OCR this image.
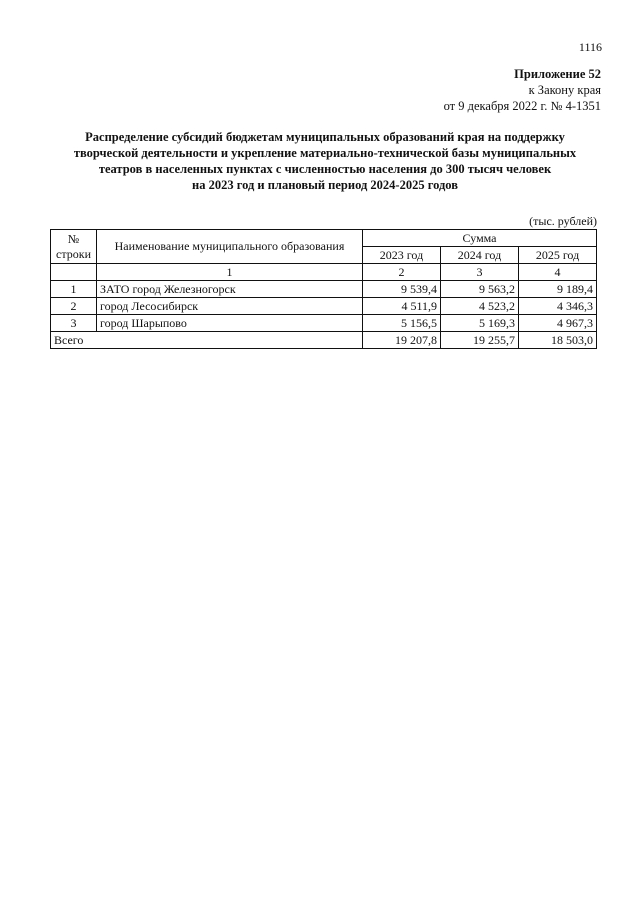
1116
Приложение 52
к Закону края
от 9 декабря 2022 г. № 4-1351
Распределение субсидий бюджетам муниципальных образований края на поддержку
творческой деятельности и укрепление материально-технической базы муниципальных
театров в населенных пунктах с численностью населения до 300 тысяч человек
на 2023 год и плановый период 2024-2025 годов
(тыс. рублей)
№ строки	Наименование муниципального образования	Сумма		
		2023 год	2024 год	2025 год
	1	2	3	4
1	ЗАТО город Железногорск	9 539,4	9 563,2	9 189,4
2	город Лесосибирск	4 511,9	4 523,2	4 346,3
3	город Шарыпово	5 156,5	5 169,3	4 967,3
Всего		19 207,8	19 255,7	18 503,0
